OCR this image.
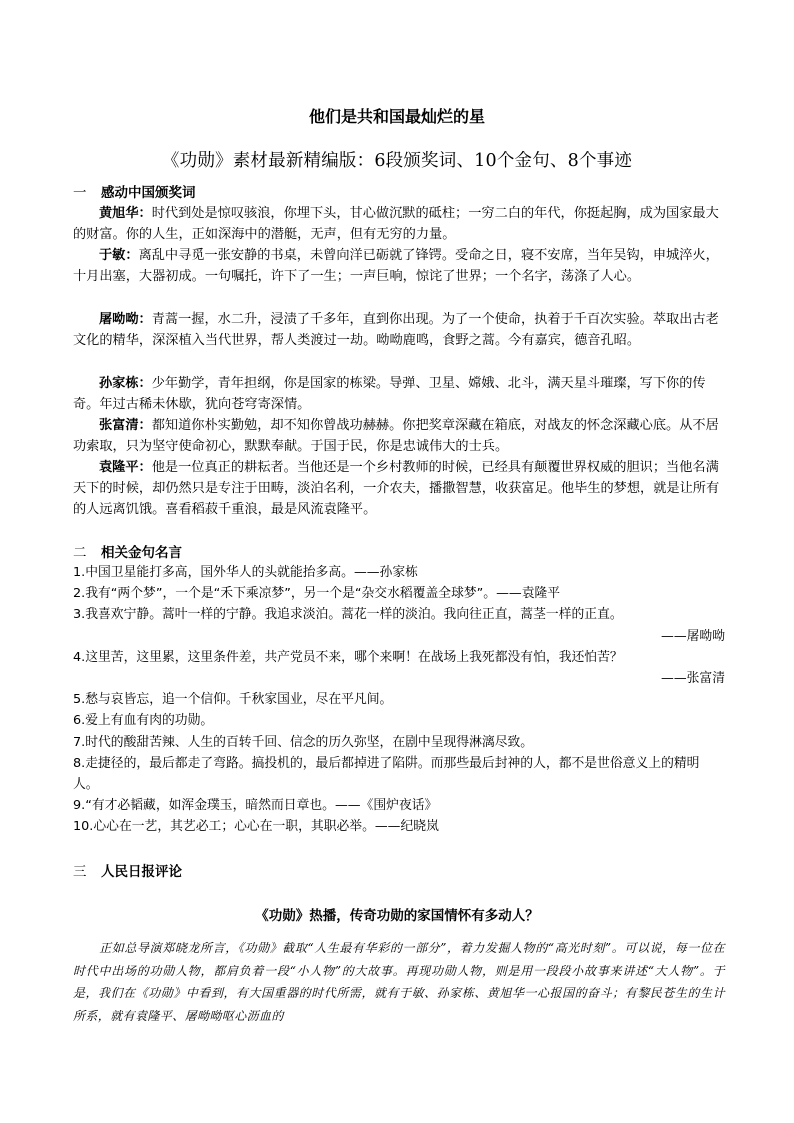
他们是共和国最灿烂的星
《功勋》素材最新精编版：6段颁奖词、10个金句、8个事迹
一 感动中国颁奖词
黄旭华：时代到处是惊叹骇浪，你埋下头，甘心做沉默的砥柱；一穷二白的年代，你挺起胸，成为国家最大的财富。你的人生，正如深海中的潜艇，无声，但有无穷的力量。
于敏：离乱中寻觅一张安静的书桌，未曾向洋已砺就了锋锷。受命之日，寝不安席，当年吴钩，申城淬火，十月出塞，大器初成。一句嘱托，许下了一生；一声巨响，惊诧了世界；一个名字，荡涤了人心。
屠呦呦：青蒿一握，水二升，浸渍了千多年，直到你出现。为了一个使命，执着于千百次实验。萃取出古老文化的精华，深深植入当代世界，帮人类渡过一劫。呦呦鹿鸣，食野之蒿。今有嘉宾，德音孔昭。
孙家栋：少年勤学，青年担纲，你是国家的栋梁。导弹、卫星、嫦娥、北斗，满天星斗璀璨，写下你的传奇。年过古稀未休歇，犹向苍穹寄深情。
张富清：都知道你朴实勤勉，却不知你曾战功赫赫。你把奖章深藏在箱底，对战友的怀念深藏心底。从不居功索取，只为坚守使命初心，默默奉献。于国于民，你是忠诚伟大的士兵。
袁隆平：他是一位真正的耕耘者。当他还是一个乡村教师的时候，已经具有颠覆世界权威的胆识；当他名满天下的时候，却仍然只是专注于田畴，淡泊名利，一介农夫，播撒智慧，收获富足。他毕生的梦想，就是让所有的人远离饥饿。喜看稻菽千重浪，最是风流袁隆平。
二 相关金句名言
1.中国卫星能打多高，国外华人的头就能抬多高。——孙家栋
2.我有“两个梦”，一个是“禾下乘凉梦”，另一个是“杂交水稻覆盖全球梦”。——袁隆平
3.我喜欢宁静。蒿叶一样的宁静。我追求淡泊。蒿花一样的淡泊。我向往正直，蒿茎一样的正直。
——屠呦呦
4.这里苦，这里累，这里条件差，共产党员不来，哪个来啊！在战场上我死都没有怕，我还怕苦？
——张富清
5.愁与哀皆忘，追一个信仰。千秋家国业，尽在平凡间。
6.爱上有血有肉的功勋。
7.时代的酸甜苦辣、人生的百转千回、信念的历久弥坚，在剧中呈现得淋漓尽致。
8.走捷径的，最后都走了弯路。搞投机的，最后都掉进了陷阱。而那些最后封神的人，都不是世俗意义上的精明人。
9.“有才必韬藏，如浑金璞玉，暗然而日章也。——《围炉夜话》
10.心心在一艺，其艺必工；心心在一职，其职必举。——纪晓岚
三 人民日报评论
《功勋》热播，传奇功勋的家国情怀有多动人？
正如总导演郑晓龙所言，《功勋》截取“人生最有华彩的一部分”，着力发掘人物的“高光时刻”。可以说，每一位在时代中出场的功勋人物，都肩负着一段“小人物”的大故事。再现功勋人物，则是用一段段小故事来讲述“大人物”。于是，我们在《功勋》中看到，有大国重器的时代所需，就有于敏、孙家栋、黄旭华一心报国的奋斗；有黎民苍生的生计所系，就有袁隆平、屠呦呦呕心沥血的
